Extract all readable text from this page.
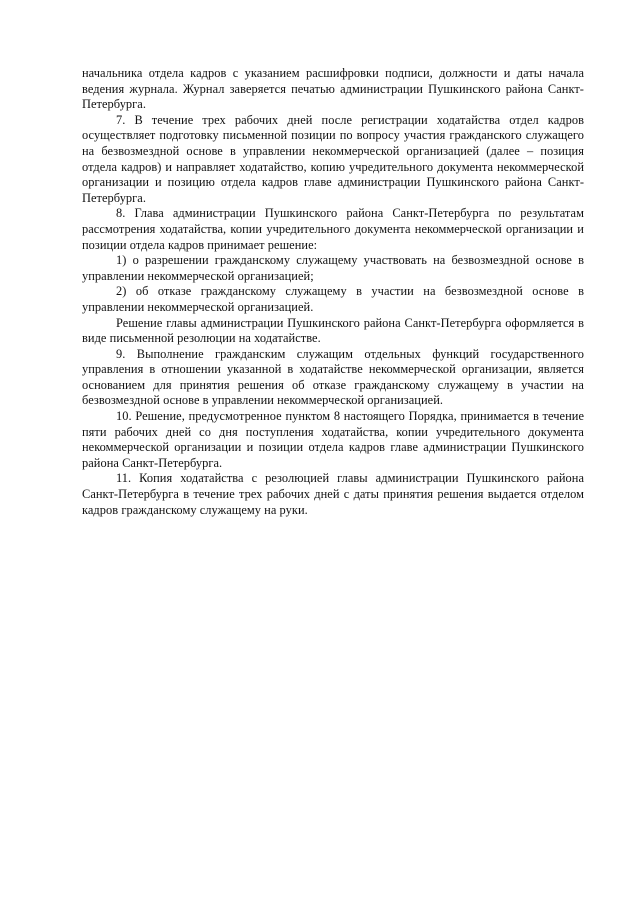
начальника отдела кадров с указанием расшифровки подписи, должности и даты начала ведения журнала. Журнал заверяется печатью администрации Пушкинского района Санкт-Петербурга.

7. В течение трех рабочих дней после регистрации ходатайства отдел кадров осуществляет подготовку письменной позиции по вопросу участия гражданского служащего на безвозмездной основе в управлении некоммерческой организацией (далее – позиция отдела кадров) и направляет ходатайство, копию учредительного документа некоммерческой организации и позицию отдела кадров главе администрации Пушкинского района Санкт-Петербурга.

8. Глава администрации Пушкинского района Санкт-Петербурга по результатам рассмотрения ходатайства, копии учредительного документа некоммерческой организации и позиции отдела кадров принимает решение:

1) о разрешении гражданскому служащему участвовать на безвозмездной основе в управлении некоммерческой организацией;

2) об отказе гражданскому служащему в участии на безвозмездной основе в управлении некоммерческой организацией.

Решение главы администрации Пушкинского района Санкт-Петербурга оформляется в виде письменной резолюции на ходатайстве.

9. Выполнение гражданским служащим отдельных функций государственного управления в отношении указанной в ходатайстве некоммерческой организации, является основанием для принятия решения об отказе гражданскому служащему в участии на безвозмездной основе в управлении некоммерческой организацией.

10. Решение, предусмотренное пунктом 8 настоящего Порядка, принимается в течение пяти рабочих дней со дня поступления ходатайства, копии учредительного документа некоммерческой организации и позиции отдела кадров главе администрации Пушкинского района Санкт-Петербурга.

11. Копия ходатайства с резолюцией главы администрации Пушкинского района Санкт-Петербурга в течение трех рабочих дней с даты принятия решения выдается отделом кадров гражданскому служащему на руки.
